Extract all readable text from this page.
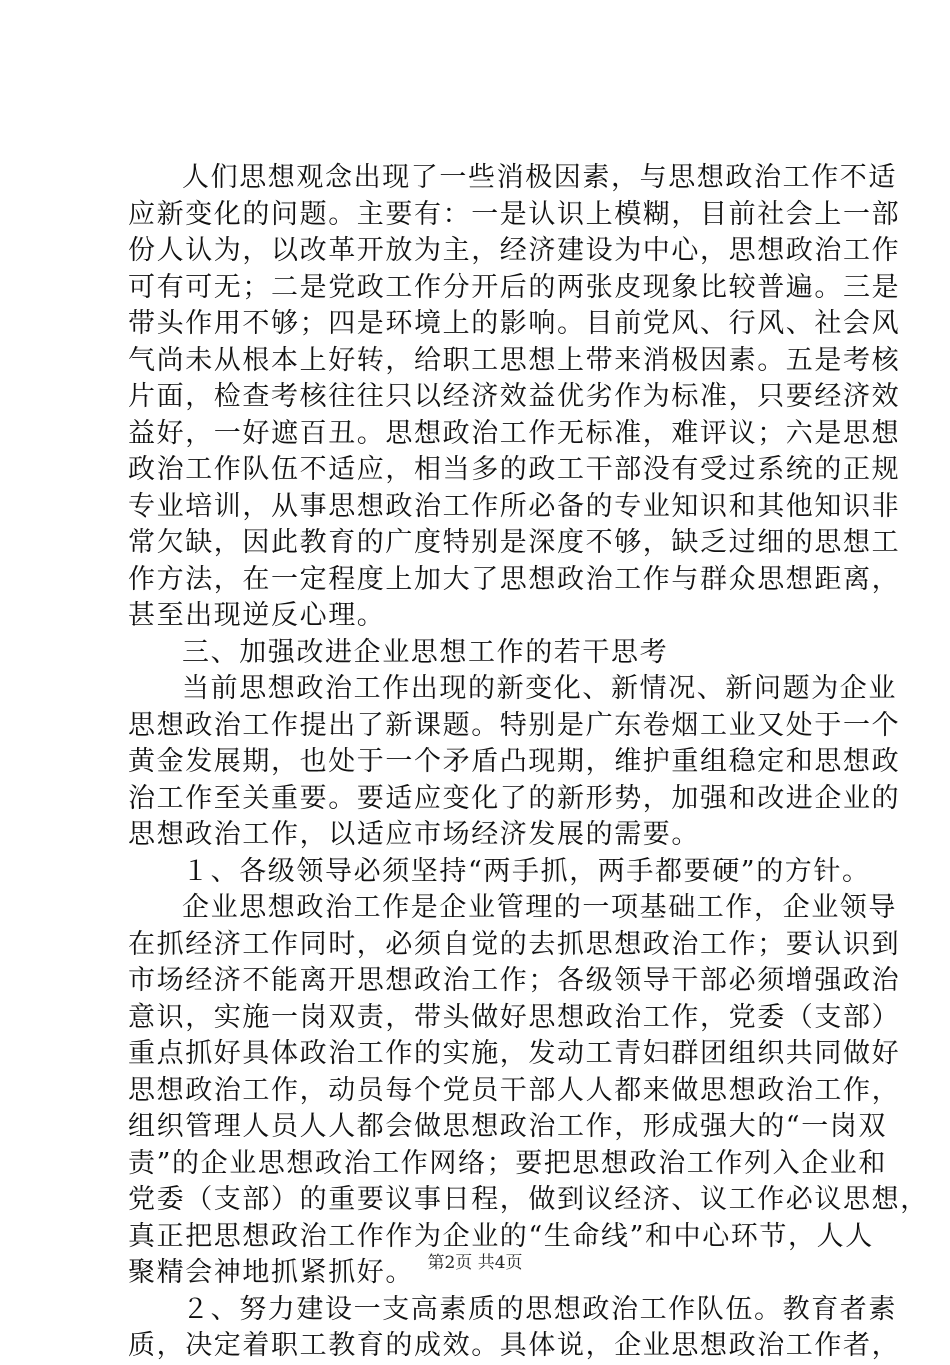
人们思想观念出现了一些消极因素，与思想政治工作不适
应新变化的问题。主要有：一是认识上模糊，目前社会上一部
份人认为，以改革开放为主，经济建设为中心，思想政治工作
可有可无；二是党政工作分开后的两张皮现象比较普遍。三是
带头作用不够；四是环境上的影响。目前党风、行风、社会风
气尚未从根本上好转，给职工思想上带来消极因素。五是考核
片面，检查考核往往只以经济效益优劣作为标准，只要经济效
益好，一好遮百丑。思想政治工作无标准，难评议；六是思想
政治工作队伍不适应，相当多的政工干部没有受过系统的正规
专业培训，从事思想政治工作所必备的专业知识和其他知识非
常欠缺，因此教育的广度特别是深度不够，缺乏过细的思想工
作方法，在一定程度上加大了思想政治工作与群众思想距离，
甚至出现逆反心理。
三、加强改进企业思想工作的若干思考
当前思想政治工作出现的新变化、新情况、新问题为企业
思想政治工作提出了新课题。特别是广东卷烟工业又处于一个
黄金发展期，也处于一个矛盾凸现期，维护重组稳定和思想政
治工作至关重要。要适应变化了的新形势，加强和改进企业的
思想政治工作，以适应市场经济发展的需要。
１、各级领导必须坚持“两手抓，两手都要硬”的方针。
企业思想政治工作是企业管理的一项基础工作，企业领导
在抓经济工作同时，必须自觉的去抓思想政治工作；要认识到
市场经济不能离开思想政治工作；各级领导干部必须增强政治
意识，实施一岗双责，带头做好思想政治工作，党委（支部）
重点抓好具体政治工作的实施，发动工青妇群团组织共同做好
思想政治工作，动员每个党员干部人人都来做思想政治工作，
组织管理人员人人都会做思想政治工作，形成强大的“一岗双
责”的企业思想政治工作网络；要把思想政治工作列入企业和
党委（支部）的重要议事日程，做到议经济、议工作必议思想，
真正把思想政治工作作为企业的“生命线”和中心环节，人人
聚精会神地抓紧抓好。
２、努力建设一支高素质的思想政治工作队伍。教育者素
质，决定着职工教育的成效。具体说，企业思想政治工作者，
第2页 共4页
